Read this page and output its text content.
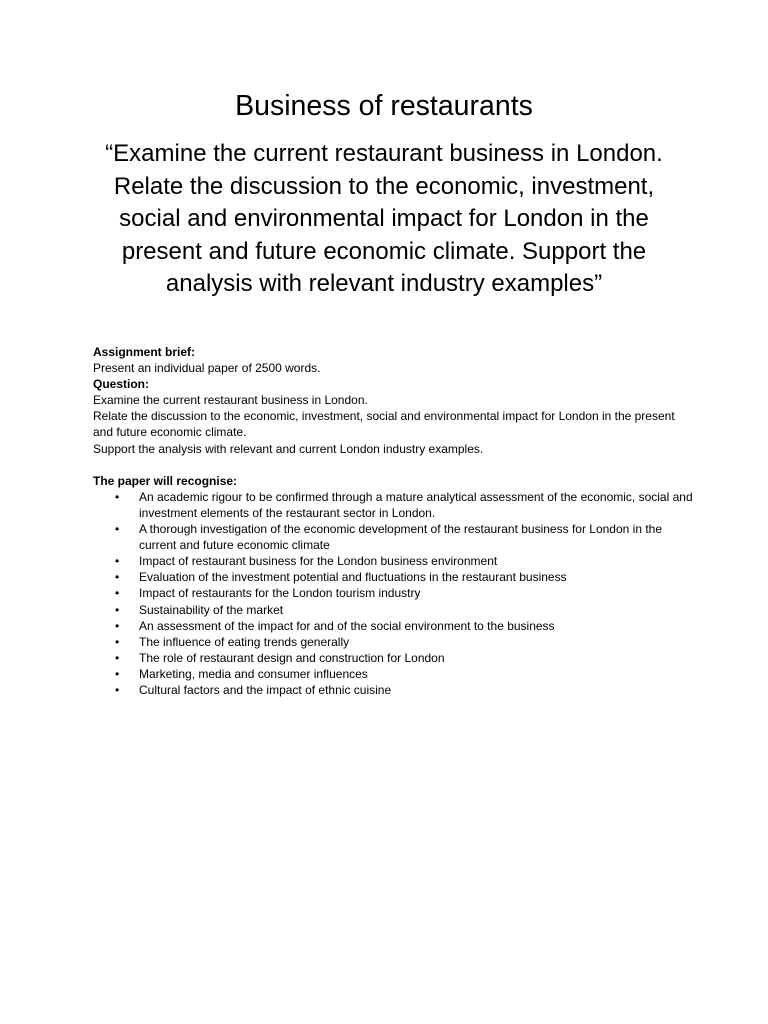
Business of restaurants

“Examine the current restaurant business in London. Relate the discussion to the economic, investment, social and environmental impact for London in the present and future economic climate. Support the analysis with relevant industry examples”

Assignment brief:

Present an individual paper of 2500 words.

Question:

Examine the current restaurant business in London.

Relate the discussion to the economic, investment, social and environmental impact for London in the present and future economic climate.

Support the analysis with relevant and current London industry examples.

The paper will recognise:

• An academic rigour to be confirmed through a mature analytical assessment of the economic, social and investment elements of the restaurant sector in London.
• A thorough investigation of the economic development of the restaurant business for London in the current and future economic climate
• Impact of restaurant business for the London business environment
• Evaluation of the investment potential and fluctuations in the restaurant business
• Impact of restaurants for the London tourism industry
• Sustainability of the market
• An assessment of the impact for and of the social environment to the business
• The influence of eating trends generally
• The role of restaurant design and construction for London
• Marketing, media and consumer influences
• Cultural factors and the impact of ethnic cuisine
